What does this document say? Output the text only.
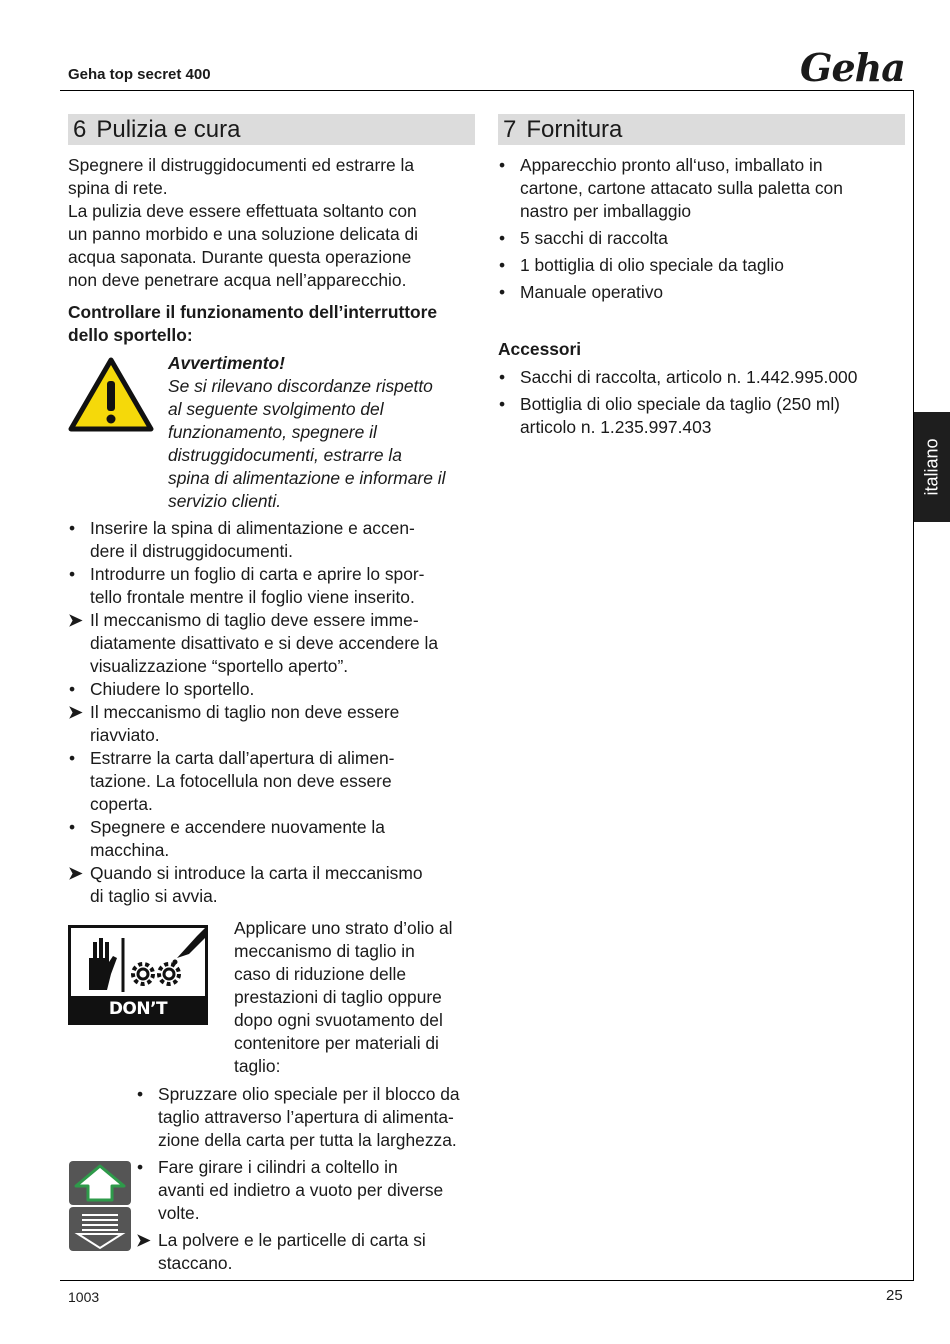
Geha top secret 400	Geha
italiano
6 Pulizia e cura
Spegnere il distruggidocumenti ed estrarre la
spina di rete.
La pulizia deve essere effettuata soltanto con
un panno morbido e una soluzione delicata di
acqua saponata. Durante questa operazione
non deve penetrare acqua nell’apparecchio.
Controllare il funzionamento dell’interruttore
dello sportello:
Avvertimento!
Se si rilevano discordanze rispetto
al seguente svolgimento del
funzionamento, spegnere il
distruggidocumenti, estrarre la
spina di alimentazione e informare il
servizio clienti.
• Inserire la spina di alimentazione e accen-
dere il distruggidocumenti.
• Introdurre un foglio di carta e aprire lo spor-
tello frontale mentre il foglio viene inserito.
➤ Il meccanismo di taglio deve essere imme-
diatamente disattivato e si deve accendere la
visualizzazione “sportello aperto”.
• Chiudere lo sportello.
➤ Il meccanismo di taglio non deve essere
riavviato.
• Estrarre la carta dall’apertura di alimen-
tazione. La fotocellula non deve essere
coperta.
• Spegnere e accendere nuovamente la
macchina.
➤ Quando si introduce la carta il meccanismo
di taglio si avvia.
DON’T FORGET
Applicare uno strato d’olio al
meccanismo di taglio in
caso di riduzione delle
prestazioni di taglio oppure
dopo ogni svuotamento del
contenitore per materiali di
taglio:
• Spruzzare olio speciale per il blocco da
taglio attraverso l’apertura di alimenta-
zione della carta per tutta la larghezza.
• Fare girare i cilindri a coltello in
avanti ed indietro a vuoto per diverse
volte.
➤ La polvere e le particelle di carta si
staccano.
7 Fornitura
• Apparecchio pronto all‘uso, imballato in
cartone, cartone attacato sulla paletta con
nastro per imballaggio
• 5 sacchi di raccolta
• 1 bottiglia di olio speciale da taglio
• Manuale operativo
Accessori
• Sacchi di raccolta, articolo n. 1.442.995.000
• Bottiglia di olio speciale da taglio (250 ml)
articolo n. 1.235.997.403
1003	25
